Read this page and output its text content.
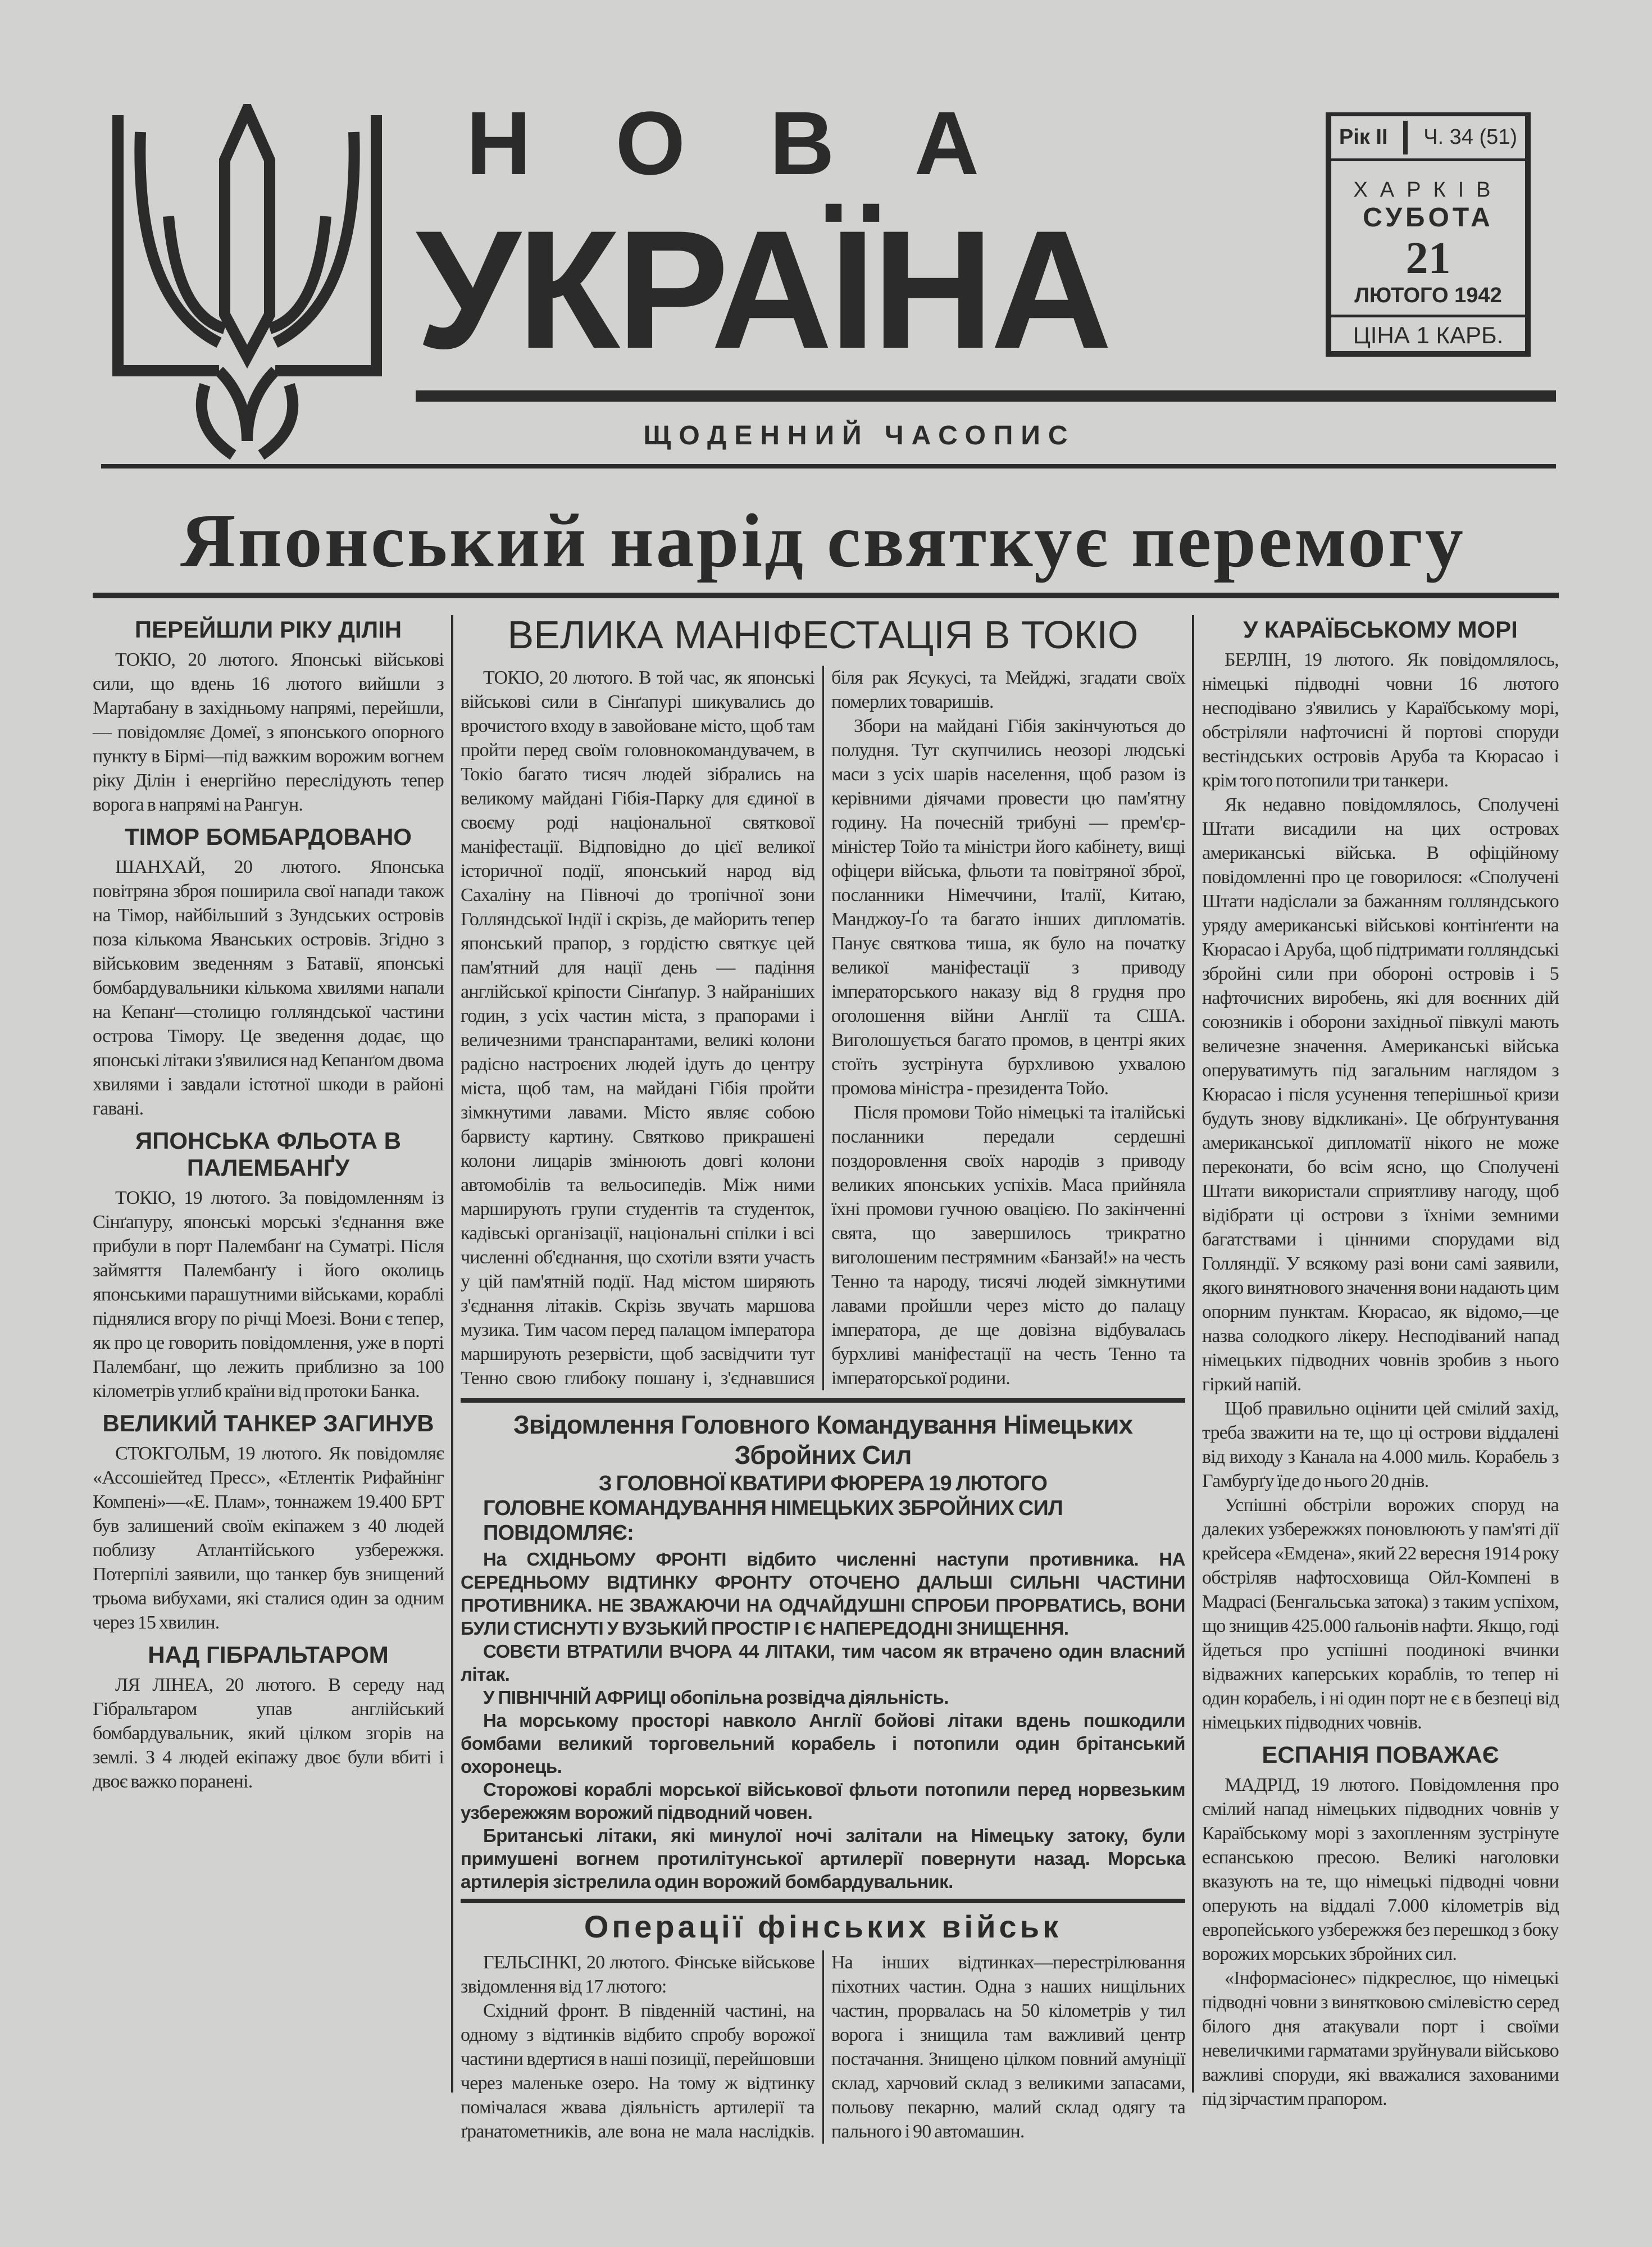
НОВА
УКРАЇНА
Рік II Ч. 34 (51)
ХАРКІВ
СУБОТА
21
ЛЮТОГО 1942
ЦІНА 1 КАРБ.
ЩОДЕННИЙ ЧАСОПИС
Японський нарід святкує перемогу
ПЕРЕЙШЛИ РІКУ ДІЛІН

ТОКІО, 20 лютого. Японські військові сили, що вдень 16 лютого вийшли з Мартабану в західньому напрямі, перейшли, — повідомляє Домеї, з японського опорного пункту в Бірмі—під важким ворожим вогнем ріку Ділін і енергійно переслідують тепер ворога в напрямі на Рангун.

ТІМОР БОМБАРДОВАНО

ШАНХАЙ, 20 лютого. Японська повітряна зброя поширила свої напади також на Тімор, найбільший з Зундських островів поза кількома Яванських островів. Згідно з військовим зведенням з Батавії, японські бомбардувальники кількома хвилями напали на Кепанґ—столицю голляндської частини острова Тімору. Це зведення додає, що японські літаки з'явилися над Кепанґом двома хвилями і завдали істотної шкоди в районі гавані.

ЯПОНСЬКА ФЛЬОТА В ПАЛЕМБАНҐУ

ТОКІО, 19 лютого. За повідомленням із Сінґапуру, японські морські з'єднання вже прибули в порт Палембанґ на Суматрі. Після займяття Палембанґу і його околиць японськими парашутними військами, кораблі піднялися вгору по річці Моезі. Вони є тепер, як про це говорить повідомлення, уже в порті Палембанґ, що лежить приблизно за 100 кілометрів углиб країни від протоки Банка.

ВЕЛИКИЙ ТАНКЕР ЗАГИНУВ

СТОКГОЛЬМ, 19 лютого. Як повідомляє «Ассошіейтед Пресс», «Етлентік Рифайнінг Компені»—«Е. Плам», тоннажем 19.400 БРТ був залишений своїм екіпажем з 40 людей поблизу Атлантійського узбережжя. Потерпілі заявили, що танкер був знищений трьома вибухами, які сталися один за одним через 15 хвилин.

НАД ГІБРАЛЬТАРОМ

ЛЯ ЛІНЕА, 20 лютого. В середу над Гібральтаром упав англійський бомбардувальник, який цілком згорів на землі. З 4 людей екіпажу двоє були вбиті і двоє важко поранені.

ВЕЛИКА МАНІФЕСТАЦІЯ В ТОКІО

ТОКІО, 20 лютого. В той час, як японські військові сили в Сінґапурі шикувались до врочистого входу в завойоване місто, щоб там пройти перед своїм головнокомандувачем, в Токіо багато тисяч людей зібрались на великому майдані Гібія-Парку для єдиної в своєму роді національної святкової маніфестації. Відповідно до цієї великої історичної події, японський народ від Сахаліну на Півночі до тропічної зони Голляндської Індії і скрізь, де майорить тепер японський прапор, з гордістю святкує цей пам'ятний для нації день — падіння англійської кріпости Сінґапур. З найраніших годин, з усіх частин міста, з прапорами і величезними транспарантами, великі колони радісно настроєних людей ідуть до центру міста, щоб там, на майдані Гібія пройти зімкнутими лавами. Місто являє собою барвисту картину. Святково прикрашені колони лицарів змінюють довгі колони автомобілів та вельосипедів. Між ними марширують групи студентів та студенток, кадівські організації, національні спілки і всі численні об'єднання, що схотіли взяти участь у цій пам'ятній події. Над містом ширяють з'єднання літаків. Скрізь звучать маршова музика. Тим часом перед палацом імператора марширують резервісти, щоб засвідчити тут Тенно свою глибоку пошану і, з'єднавшися біля рак Ясукусі, та Мейджі, згадати своїх померлих товаришів.

Збори на майдані Гібія закінчуються до полудня. Тут скупчились неозорі людські маси з усіх шарів населення, щоб разом із керівними діячами провести цю пам'ятну годину. На почесній трибуні — прем'єр-міністер Тойо та міністри його кабінету, вищі офіцери війська, фльоти та повітряної зброї, посланники Німеччини, Італії, Китаю, Манджоу-Ґо та багато інших дипломатів. Панує святкова тиша, як було на початку великої маніфестації з приводу імператорського наказу від 8 грудня про оголошення війни Англії та США. Виголошується багато промов, в центрі яких стоїть зустрінута бурхливою ухвалою промова міністра - президента Тойо.

Після промови Тойо німецькі та італійські посланники передали сердешні поздоровлення своїх народів з приводу великих японських успіхів. Маса прийняла їхні промови гучною овацією. По закінченні свята, що завершилось трикратно виголошеним пестрямним «Банзай!» на честь Тенно та народу, тисячі людей зімкнутими лавами пройшли через місто до палацу імператора, де ще довізна відбувалась бурхливі маніфестації на честь Тенно та імператорської родини.

Звідомлення Головного Командування Німецьких Збройних Сил

З ГОЛОВНОЇ КВАТИРИ ФЮРЕРА 19 ЛЮТОГО

ГОЛОВНЕ КОМАНДУВАННЯ НІМЕЦЬКИХ ЗБРОЙНИХ СИЛ ПОВІДОМЛЯЄ:

На СХІДНЬОМУ ФРОНТІ відбито численні наступи противника. НА СЕРЕДНЬОМУ ВІДТИНКУ ФРОНТУ ОТОЧЕНО ДАЛЬШІ СИЛЬНІ ЧАСТИНИ ПРОТИВНИКА. НЕ ЗВАЖАЮЧИ НА ОДЧАЙДУШНІ СПРОБИ ПРОРВАТИСЬ, ВОНИ БУЛИ СТИСНУТІ У ВУЗЬКИЙ ПРОСТІР І Є НАПЕРЕДОДНІ ЗНИЩЕННЯ.

СОВЄТИ ВТРАТИЛИ ВЧОРА 44 ЛІТАКИ, тим часом як втрачено один власний літак.

У ПІВНІЧНІЙ АФРИЦІ обопільна розвідча діяльність.

На морському просторі навколо Англії бойові літаки вдень пошкодили бомбами великий торговельний корабель і потопили один брітанський охоронець.

Сторожові кораблі морської військової фльоти потопили перед норвезьким узбережжям ворожий підводний човен.

Британські літаки, які минулої ночі залітали на Німецьку затоку, були примушені вогнем протилітунської артилерії повернути назад. Морська артилерія зістрелила один ворожий бомбардувальник.

Операції фінських військ

ГЕЛЬСІНКІ, 20 лютого. Фінське військове звідомлення від 17 лютого:

Східний фронт. В південній частині, на одному з відтинків відбито спробу ворожої частини вдертися в наші позиції, перейшовши через маленьке озеро. На тому ж відтинку помічалася жвава діяльність артилерії та ґранатометників, але вона не мала наслідків. На інших відтинках—перестрілювання піхотних частин. Одна з наших нищільних частин, прорвалась на 50 кілометрів у тил ворога і знищила там важливий центр постачання. Знищено цілком повний амуніції склад, харчовий склад з великими запасами, польову пекарню, малий склад одягу та пального і 90 автомашин.

У КАРАЇБСЬКОМУ МОРІ

БЕРЛІН, 19 лютого. Як повідомлялось, німецькі підводні човни 16 лютого несподівано з'явились у Караїбському морі, обстріляли нафточисні й портові споруди вестіндських островів Аруба та Кюрасао і крім того потопили три танкери.

Як недавно повідомлялось, Сполучені Штати висадили на цих островах американські війська. В офіційному повідомленні про це говорилося: «Сполучені Штати надіслали за бажанням голляндського уряду американські військові контінґенти на Кюрасао і Аруба, щоб підтримати голляндські збройні сили при обороні островів і 5 нафточисних виробень, які для воєнних дій союзників і оборони західньої півкулі мають величезне значення. Американські війська оперуватимуть під загальним наглядом з Кюрасао і після усунення теперішньої кризи будуть знову відкликані». Це обґрунтування американської дипломатії нікого не може переконати, бо всім ясно, що Сполучені Штати використали сприятливу нагоду, щоб відібрати ці острови з їхніми земними багатствами і цінними спорудами від Голляндії. У всякому разі вони самі заявили, якого винятнового значення вони надають цим опорним пунктам. Кюрасао, як відомо,—це назва солодкого лікеру. Несподіваний напад німецьких підводних човнів зробив з нього гіркий напій.

Щоб правильно оцінити цей смілий захід, треба зважити на те, що ці острови віддалені від виходу з Канала на 4.000 миль. Корабель з Гамбурґу їде до нього 20 днів.

Успішні обстріли ворожих споруд на далеких узбережжях поновлюють у пам'яті дії крейсера «Емдена», який 22 вересня 1914 року обстріляв нафтосховища Ойл-Компені в Мадрасі (Бенгальська затока) з таким успіхом, що знищив 425.000 ґальонів нафти. Якщо, годі йдеться про успішні поодинокі вчинки відважних каперських кораблів, то тепер ні один корабель, і ні один порт не є в безпеці від німецьких підводних човнів.

ЕСПАНІЯ ПОВАЖАЄ

МАДРІД, 19 лютого. Повідомлення про смілий напад німецьких підводних човнів у Караїбському морі з захопленням зустрінуте еспанською пресою. Великі наголовки вказують на те, що німецькі підводні човни оперують на віддалі 7.000 кілометрів від европейського узбережжя без перешкод з боку ворожих морських збройних сил.

«Інформасіонес» підкреслює, що німецькі підводні човни з винятковою смілевістю серед білого дня атакували порт і своїми невеличкими гарматами зруйнували військово важливі споруди, які вважалися захованими під зірчастим прапором.
